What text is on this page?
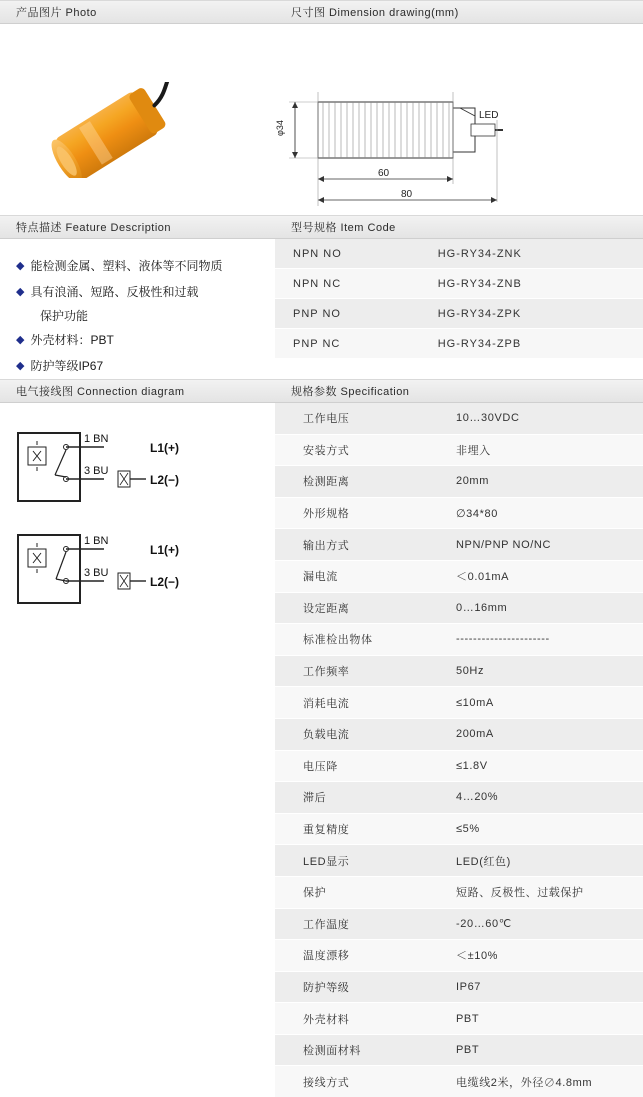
产品图片 Photo	尺寸图 Dimension drawing(mm)
LED
φ34
60
80
特点描述 Feature Description
◆ 能检测金属、塑料、液体等不同物质
◆ 具有浪涌、短路、反极性和过载
保护功能
◆ 外壳材料：PBT
◆ 防护等级IP67
型号规格 Item Code
NPN NO	HG-RY34-ZNK
NPN NC	HG-RY34-ZNB
PNP NO	HG-RY34-ZPK
PNP NC	HG-RY34-ZPB
电气接线图 Connection diagram
1 BN
3 BU
L1(+)
L2(−)
1 BN
3 BU
L1(+)
L2(−)
规格参数 Specification
工作电压	10…30VDC
安装方式	非埋入
检测距离	20mm
外形规格	∅34*80
输出方式	NPN/PNP NO/NC
漏电流	＜0.01mA
设定距离	0…16mm
标准检出物体	----------------------
工作频率	50Hz
消耗电流	≤10mA
负载电流	200mA
电压降	≤1.8V
滞后	4…20%
重复精度	≤5%
LED显示	LED(红色)
保护	短路、反极性、过载保护
工作温度	-20…60℃
温度漂移	＜±10%
防护等级	IP67
外壳材料	PBT
检测面材料	PBT
接线方式	电缆线2米，外径∅4.8mm
